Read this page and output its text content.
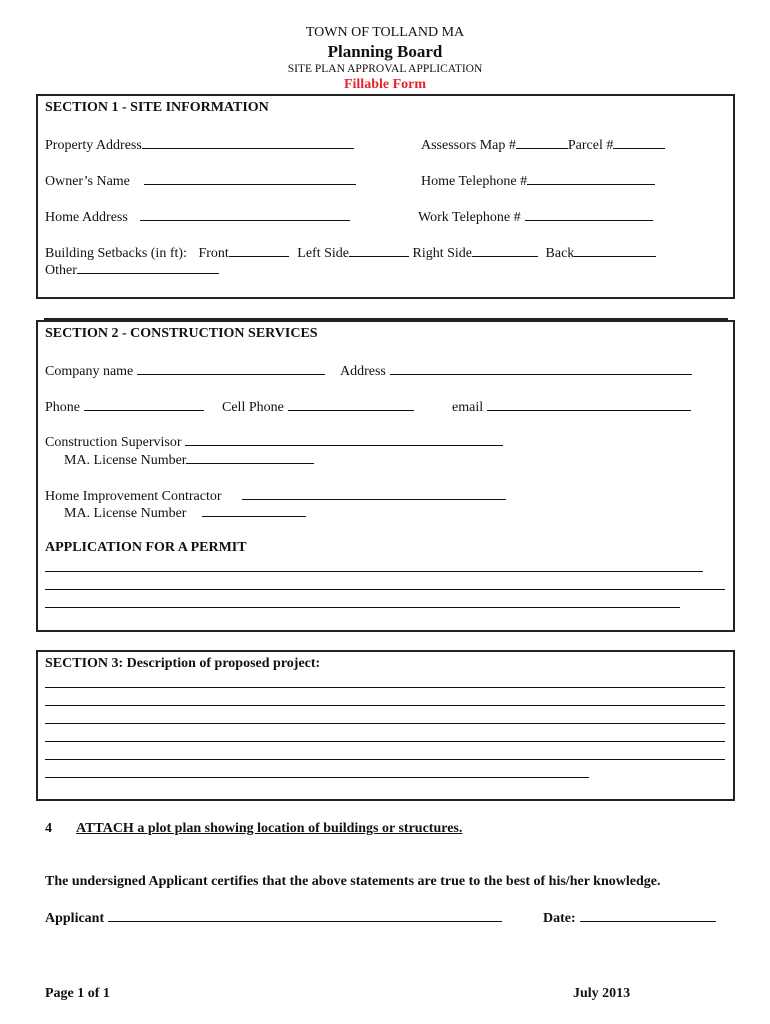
TOWN OF TOLLAND MA
Planning Board
SITE PLAN APPROVAL APPLICATION
Fillable Form
SECTION 1 - SITE INFORMATION
Property Address	Assessors Map #	Parcel #
Owner’s Name	Home Telephone #
Home Address	Work Telephone #
Building Setbacks (in ft): Front	Left Side	Right Side	Back
Other
SECTION 2 - CONSTRUCTION SERVICES
Company name	Address
Phone	Cell Phone	email
Construction Supervisor
MA. License Number
Home Improvement Contractor
MA. License Number
APPLICATION FOR A PERMIT
SECTION 3: Description of proposed project:
4 ATTACH a plot plan showing location of buildings or structures.
The undersigned Applicant certifies that the above statements are true to the best of his/her knowledge.
Applicant	Date:
Page 1 of 1	July 2013
